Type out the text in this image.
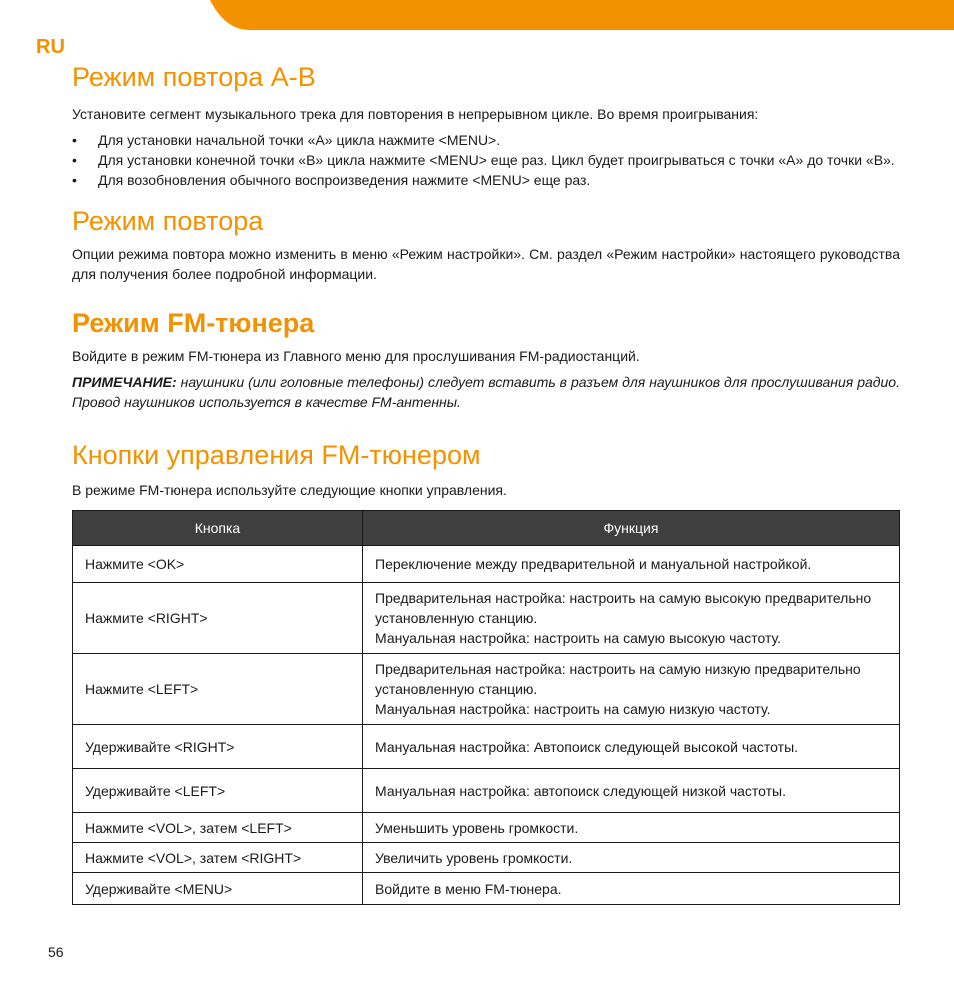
RU
Режим повтора A-B

Установите сегмент музыкального трека для повторения в непрерывном цикле. Во время проигрывания:

• Для установки начальной точки «A» цикла нажмите <MENU>.
• Для установки конечной точки «B» цикла нажмите <MENU> еще раз. Цикл будет проигрываться с точки «A» до точки «B».
• Для возобновления обычного воспроизведения нажмите <MENU> еще раз.
Режим повтора

Опции режима повтора можно изменить в меню «Режим настройки». См. раздел «Режим настройки» настоящего руководства для получения более подробной информации.

Режим FM-тюнера

Войдите в режим FM-тюнера из Главного меню для прослушивания FM-радиостанций.

ПРИМЕЧАНИЕ: наушники (или головные телефоны) следует вставить в разъем для наушников для прослушивания радио. Провод наушников используется в качестве FM-антенны.

Кнопки управления FM-тюнером

В режиме FM-тюнера используйте следующие кнопки управления.

Кнопка	Функция
Нажмите <OK>	Переключение между предварительной и мануальной настройкой.

Нажмите <RIGHT>	Предварительная настройка: настроить на самую высокую предварительно установленную станцию.
Мануальная настройка: настроить на самую высокую частоту.

Нажмите <LEFT>	Предварительная настройка: настроить на самую низкую предварительно установленную станцию.
Мануальная настройка: настроить на самую низкую частоту.

Удерживайте <RIGHT>	Мануальная настройка: Автопоиск следующей высокой частоты.

Удерживайте <LEFT>	Мануальная настройка: автопоиск следующей низкой частоты.

Нажмите <VOL>, затем <LEFT>	Уменьшить уровень громкости.

Нажмите <VOL>, затем <RIGHT>	Увеличить уровень громкости.

Удерживайте <MENU>	Войдите в меню FM-тюнера.
56
